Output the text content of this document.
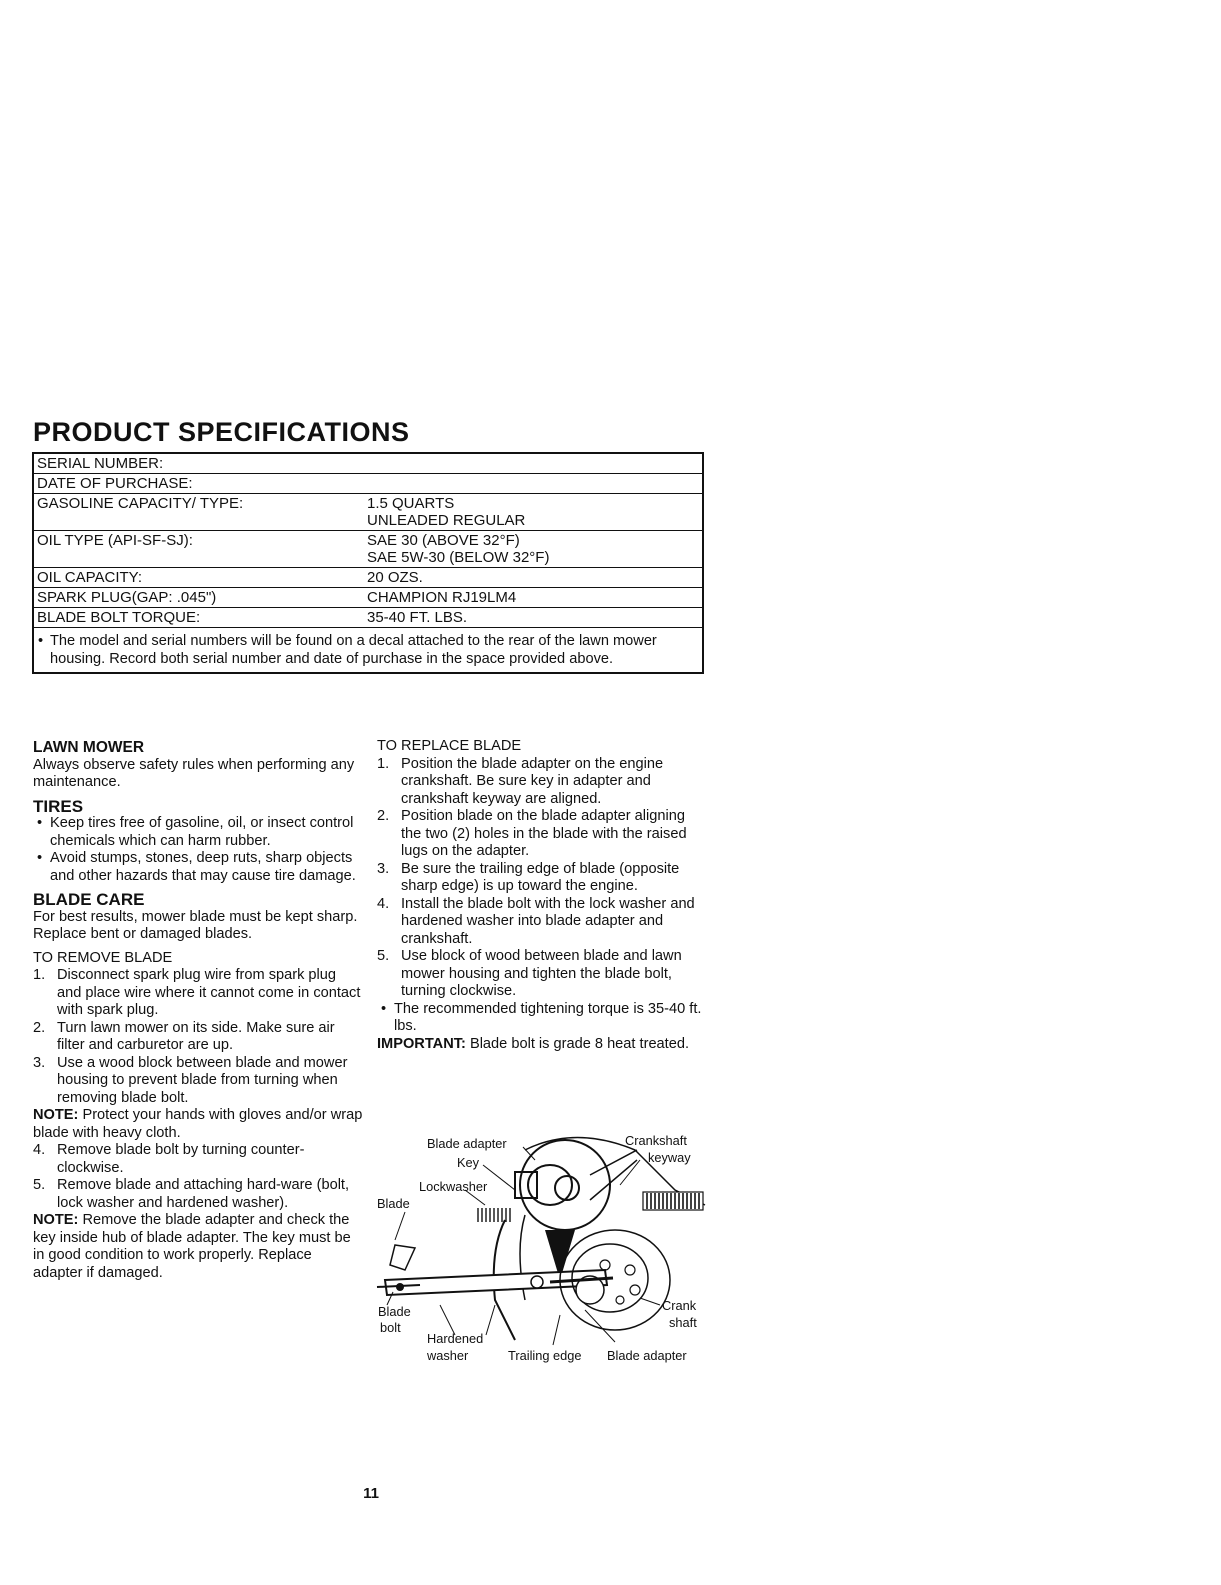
PRODUCT SPECIFICATIONS
SERIAL NUMBER:	
DATE OF PURCHASE:	
GASOLINE CAPACITY/ TYPE:	1.5 QUARTS
UNLEADED REGULAR

OIL TYPE (API-SF-SJ):	SAE 30 (ABOVE 32°F)
SAE 5W-30 (BELOW 32°F)

OIL CAPACITY:	20 OZS.
SPARK PLUG(GAP: .045")	CHAMPION RJ19LM4
BLADE BOLT TORQUE:	35-40 FT. LBS.

• The model and serial numbers will be found on a decal attached to the rear of the lawn mower housing. Record both serial number and date of purchase in the space provided above.	

LAWN MOWER

Always observe safety rules when performing any maintenance.

TIRES

• Keep tires free of gasoline, oil, or insect control chemicals which can harm rubber.
• Avoid stumps, stones, deep ruts, sharp objects and other hazards that may cause tire damage.

BLADE CARE

For best results, mower blade must be kept sharp. Replace bent or damaged blades.

TO REMOVE BLADE

1. Disconnect spark plug wire from spark plug and place wire where it cannot come in contact with spark plug.
2. Turn lawn mower on its side. Make sure air filter and carburetor are up.
3. Use a wood block between blade and mower housing to prevent blade from turning when removing blade bolt.

NOTE: Protect your hands with gloves and/or wrap blade with heavy cloth.

4. Remove blade bolt by turning counter-clockwise.
5. Remove blade and attaching hard-ware (bolt, lock washer and hardened washer).

NOTE: Remove the blade adapter and check the key inside hub of blade adapter. The key must be in good condition to work properly. Replace adapter if damaged.

TO REPLACE BLADE

1. Position the blade adapter on the engine crankshaft. Be sure key in adapter and crankshaft keyway are aligned.
2. Position blade on the blade adapter aligning the two (2) holes in the blade with the raised lugs on the adapter.
3. Be sure the trailing edge of blade (opposite sharp edge) is up toward the engine.
4. Install the blade bolt with the lock washer and hardened washer into blade adapter and crankshaft.
5. Use block of wood between blade and lawn mower housing and tighten the blade bolt, turning clockwise.
• The recommended tightening torque is 35-40 ft. lbs.

IMPORTANT: Blade bolt is grade 8 heat treated.

Blade adapter	Crankshaft
keyway
Key
Lockwasher
Blade
Blade
bolt
Hardened
washer	Trailing edge Blade adapter
Crank
shaft
11
